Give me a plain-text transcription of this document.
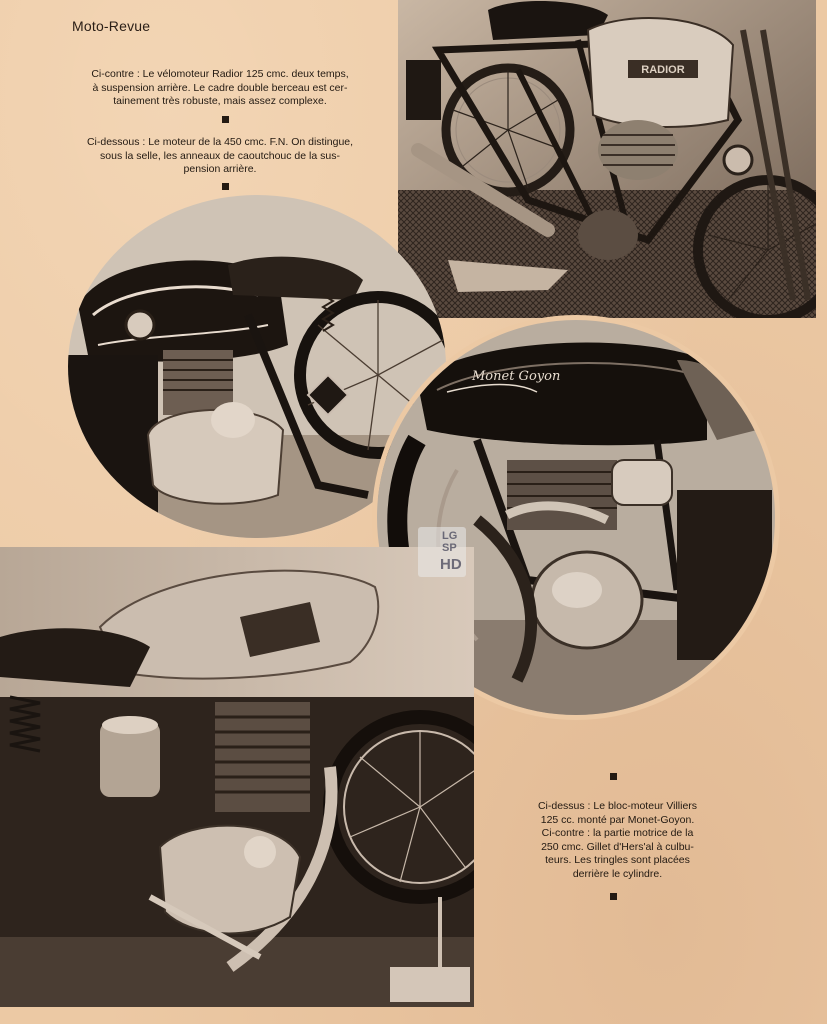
Moto-Revue
Ci-contre : Le vélomoteur Radior 125 cmc. deux temps,
à suspension arrière. Le cadre double berceau est cer-
tainement très robuste, mais assez complexe.
Ci-dessous : Le moteur de la 450 cmc. F.N. On distingue,
sous la selle, les anneaux de caoutchouc de la sus-
pension arrière.
RADIOR
Monet Goyon
LG
SP
HD
Ci-dessus : Le bloc-moteur Villiers
125 cc. monté par Monet-Goyon.
Ci-contre : la partie motrice de la
250 cmc. Gillet d'Hers'al à culbu-
teurs. Les tringles sont placées
derrière le cylindre.
